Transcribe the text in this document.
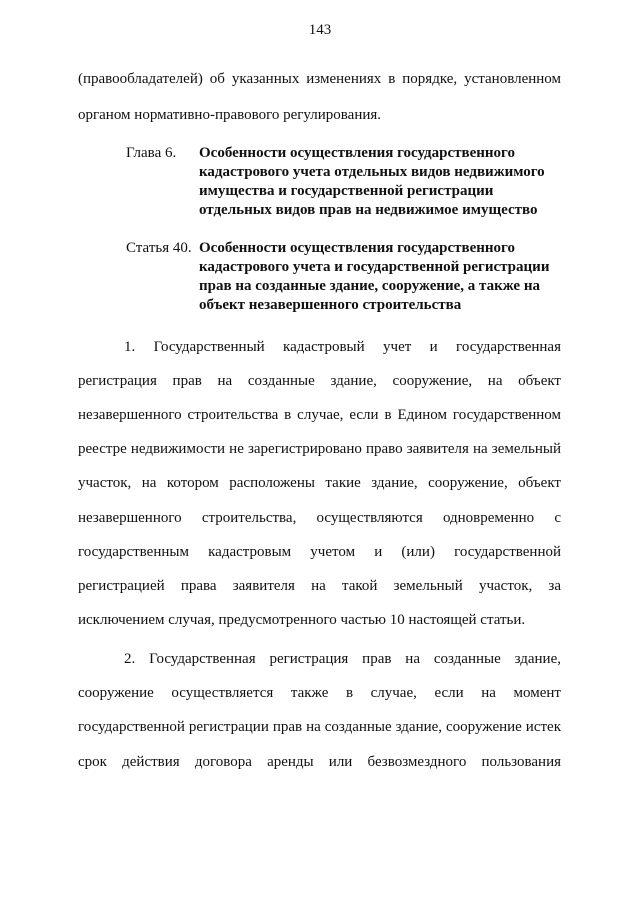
143
(правообладателей) об указанных изменениях в порядке, установленном
органом нормативно-правового регулирования.
Глава 6. Особенности осуществления государственного
кадастрового учета отдельных видов недвижимого
имущества и государственной регистрации
отдельных видов прав на недвижимое имущество
Статья 40. Особенности осуществления государственного
кадастрового учета и государственной регистрации
прав на созданные здание, сооружение, а также на
объект незавершенного строительства
1. Государственный кадастровый учет и государственная
регистрация прав на созданные здание, сооружение, на объект
незавершенного строительства в случае, если в Едином государственном
реестре недвижимости не зарегистрировано право заявителя на земельный
участок, на котором расположены такие здание, сооружение, объект
незавершенного строительства, осуществляются одновременно с
государственным кадастровым учетом и (или) государственной
регистрацией права заявителя на такой земельный участок, за
исключением случая, предусмотренного частью 10 настоящей статьи.
2. Государственная регистрация прав на созданные здание,
сооружение осуществляется также в случае, если на момент
государственной регистрации прав на созданные здание, сооружение истек
срок действия договора аренды или безвозмездного пользования
